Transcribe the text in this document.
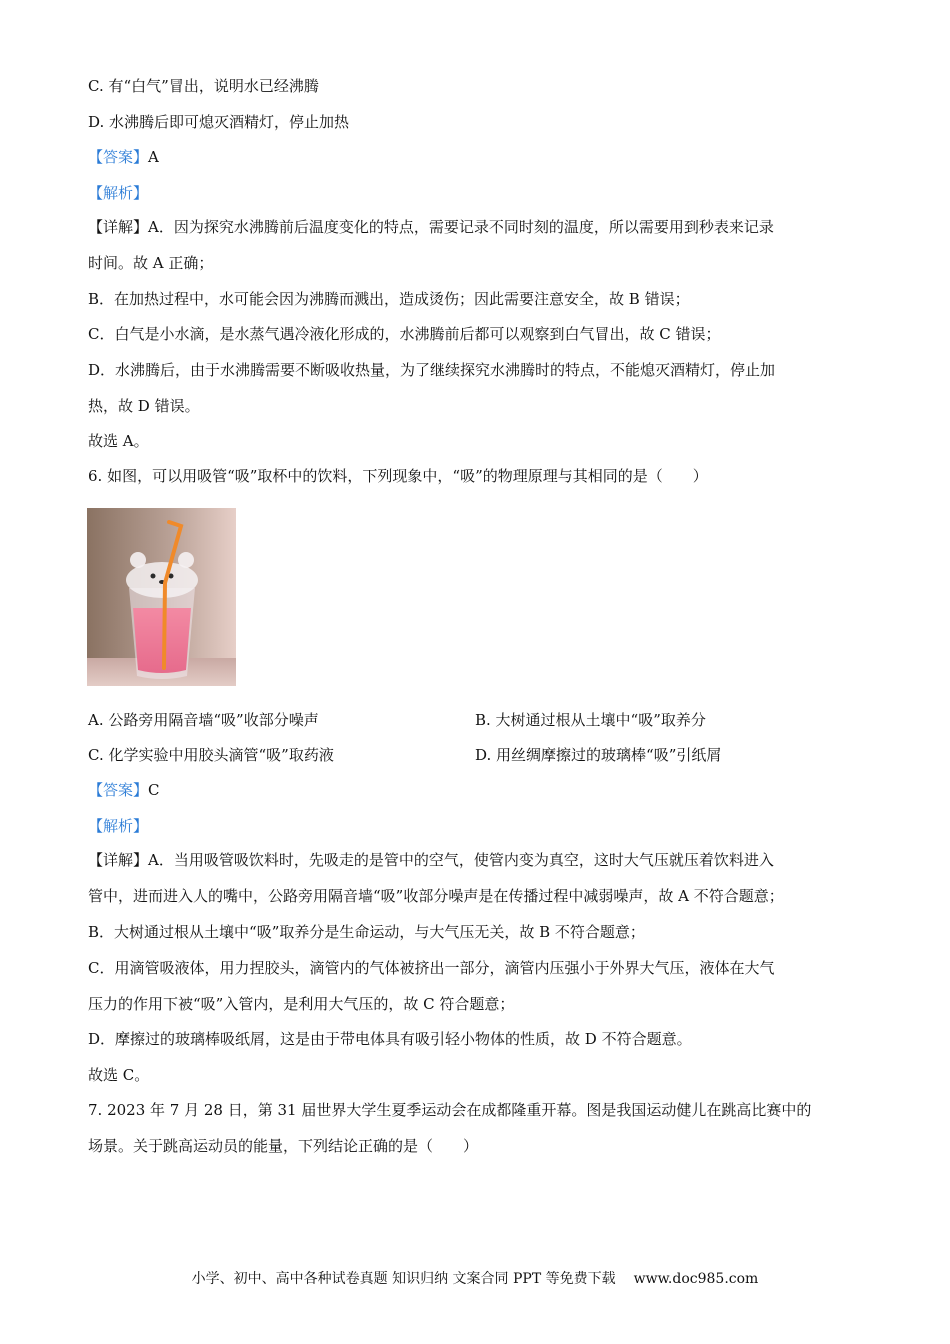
C. 有“白气”冒出，说明水已经沸腾
D. 水沸腾后即可熄灭酒精灯，停止加热
【答案】A
【解析】
【详解】A．因为探究水沸腾前后温度变化的特点，需要记录不同时刻的温度，所以需要用到秒表来记录
时间。故 A 正确；
B．在加热过程中，水可能会因为沸腾而溅出，造成烫伤；因此需要注意安全，故 B 错误；
C．白气是小水滴，是水蒸气遇冷液化形成的，水沸腾前后都可以观察到白气冒出，故 C 错误；
D．水沸腾后，由于水沸腾需要不断吸收热量，为了继续探究水沸腾时的特点，不能熄灭酒精灯，停止加
热，故 D 错误。
故选 A。
6. 如图，可以用吸管“吸”取杯中的饮料，下列现象中，“吸”的物理原理与其相同的是（　　）
A. 公路旁用隔音墙“吸”收部分噪声	B. 大树通过根从土壤中“吸”取养分
C. 化学实验中用胶头滴管“吸”取药液	D. 用丝绸摩擦过的玻璃棒“吸”引纸屑
【答案】C
【解析】
【详解】A．当用吸管吸饮料时，先吸走的是管中的空气，使管内变为真空，这时大气压就压着饮料进入
管中，进而进入人的嘴中，公路旁用隔音墙“吸”收部分噪声是在传播过程中减弱噪声，故 A 不符合题意；
B．大树通过根从土壤中“吸”取养分是生命运动，与大气压无关，故 B 不符合题意；
C．用滴管吸液体，用力捏胶头，滴管内的气体被挤出一部分，滴管内压强小于外界大气压，液体在大气
压力的作用下被“吸”入管内，是利用大气压的，故 C 符合题意；
D．摩擦过的玻璃棒吸纸屑，这是由于带电体具有吸引轻小物体的性质，故 D 不符合题意。
故选 C。
7. 2023 年 7 月 28 日，第 31 届世界大学生夏季运动会在成都隆重开幕。图是我国运动健儿在跳高比赛中的
场景。关于跳高运动员的能量，下列结论正确的是（　　）
小学、初中、高中各种试卷真题 知识归纳 文案合同 PPT 等免费下载 www.doc985.com
